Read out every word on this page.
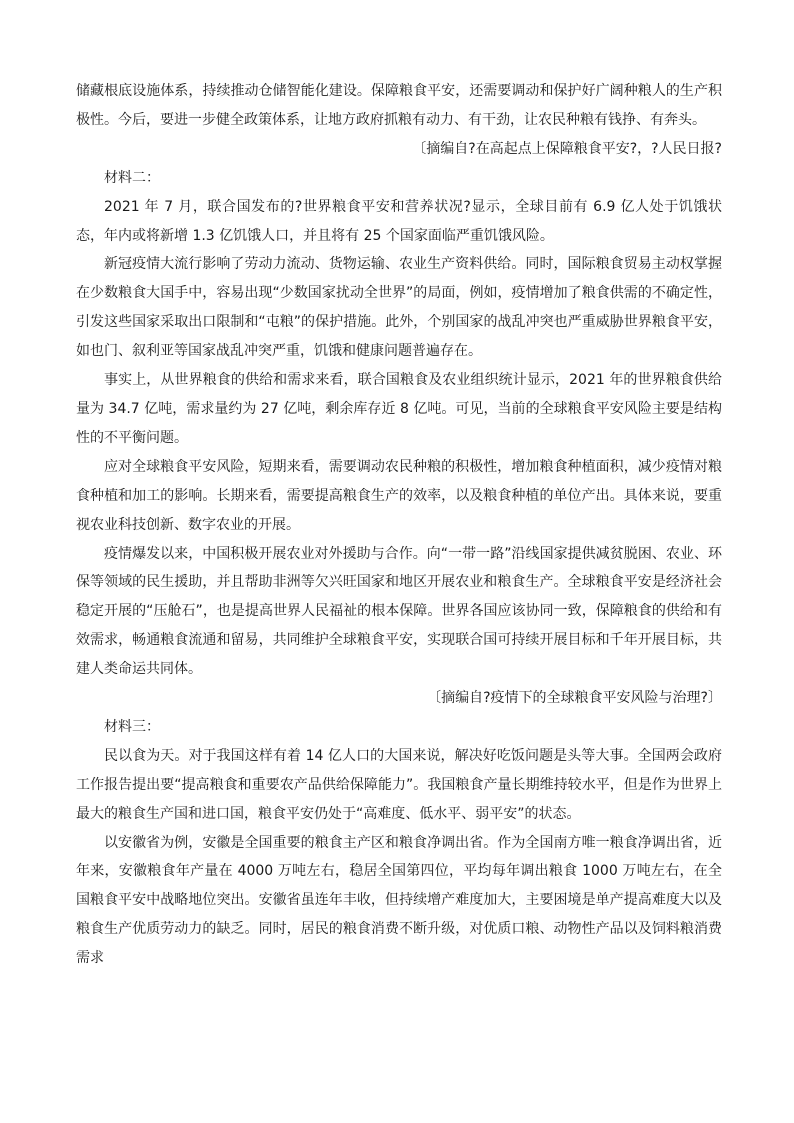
储藏根底设施体系，持续推动仓储智能化建设。保障粮食平安，还需要调动和保护好广阔种粮人的生产积极性。今后，要进一步健全政策体系，让地方政府抓粮有动力、有干劲，让农民种粮有钱挣、有奔头。

〔摘编自?在高起点上保障粮食平安?，?人民日报?

材料二：

2021 年 7 月，联合国发布的?世界粮食平安和营养状况?显示，全球目前有 6.9 亿人处于饥饿状态，年内或将新增 1.3 亿饥饿人口，并且将有 25 个国家面临严重饥饿风险。

新冠疫情大流行影响了劳动力流动、货物运输、农业生产资料供给。同时，国际粮食贸易主动权掌握在少数粮食大国手中，容易出现“少数国家扰动全世界”的局面，例如，疫情增加了粮食供需的不确定性，引发这些国家采取出口限制和“屯粮”的保护措施。此外，个别国家的战乱冲突也严重威胁世界粮食平安，如也门、叙利亚等国家战乱冲突严重，饥饿和健康问题普遍存在。

事实上，从世界粮食的供给和需求来看，联合国粮食及农业组织统计显示，2021 年的世界粮食供给量为 34.7 亿吨，需求量约为 27 亿吨，剩余库存近 8 亿吨。可见，当前的全球粮食平安风险主要是结构性的不平衡问题。

应对全球粮食平安风险，短期来看，需要调动农民种粮的积极性，增加粮食种植面积，减少疫情对粮食种植和加工的影响。长期来看，需要提高粮食生产的效率，以及粮食种植的单位产出。具体来说，要重视农业科技创新、数字农业的开展。

疫情爆发以来，中国积极开展农业对外援助与合作。向“一带一路”沿线国家提供减贫脱困、农业、环保等领域的民生援助，并且帮助非洲等欠兴旺国家和地区开展农业和粮食生产。全球粮食平安是经济社会稳定开展的“压舱石”，也是提高世界人民福祉的根本保障。世界各国应该协同一致，保障粮食的供给和有效需求，畅通粮食流通和留易，共同维护全球粮食平安，实现联合国可持续开展目标和千年开展目标，共建人类命运共同体。

〔摘编自?疫情下的全球粮食平安风险与治理?〕

材料三：

民以食为天。对于我国这样有着 14 亿人口的大国来说，解决好吃饭问题是头等大事。全国两会政府工作报告提出要“提高粮食和重要农产品供给保障能力”。我国粮食产量长期维持较水平，但是作为世界上最大的粮食生产国和进口国，粮食平安仍处于“高难度、低水平、弱平安”的状态。

以安徽省为例，安徽是全国重要的粮食主产区和粮食净调出省。作为全国南方唯一粮食净调出省，近年来，安徽粮食年产量在 4000 万吨左右，稳居全国第四位，平均每年调出粮食 1000 万吨左右，在全国粮食平安中战略地位突出。安徽省虽连年丰收，但持续增产难度加大，主要困境是单产提高难度大以及粮食生产优质劳动力的缺乏。同时，居民的粮食消费不断升级，对优质口粮、动物性产品以及饲料粮消费需求
